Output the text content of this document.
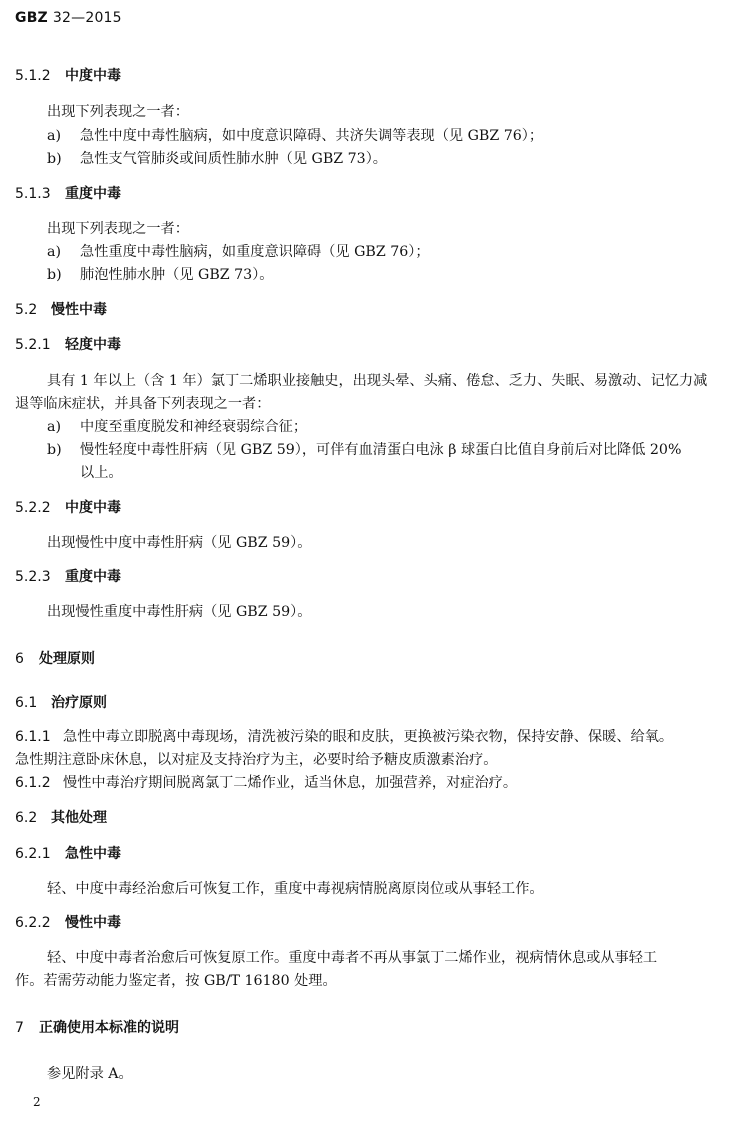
GBZ 32—2015
5.1.2 中度中毒
出现下列表现之一者：
a) 急性中度中毒性脑病，如中度意识障碍、共济失调等表现（见 GBZ 76）；
b) 急性支气管肺炎或间质性肺水肿（见 GBZ 73）。
5.1.3 重度中毒
出现下列表现之一者：
a) 急性重度中毒性脑病，如重度意识障碍（见 GBZ 76）；
b) 肺泡性肺水肿（见 GBZ 73）。
5.2 慢性中毒
5.2.1 轻度中毒
具有 1 年以上（含 1 年）氯丁二烯职业接触史，出现头晕、头痛、倦怠、乏力、失眠、易激动、记忆力减
退等临床症状，并具备下列表现之一者：
a) 中度至重度脱发和神经衰弱综合征；
b) 慢性轻度中毒性肝病（见 GBZ 59），可伴有血清蛋白电泳 β 球蛋白比值自身前后对比降低 20%
以上。
5.2.2 中度中毒
出现慢性中度中毒性肝病（见 GBZ 59）。
5.2.3 重度中毒
出现慢性重度中毒性肝病（见 GBZ 59）。
6 处理原则
6.1 治疗原则
6.1.1 急性中毒立即脱离中毒现场，清洗被污染的眼和皮肤，更换被污染衣物，保持安静、保暖、给氧。
急性期注意卧床休息，以对症及支持治疗为主，必要时给予糖皮质激素治疗。
6.1.2 慢性中毒治疗期间脱离氯丁二烯作业，适当休息，加强营养，对症治疗。
6.2 其他处理
6.2.1 急性中毒
轻、中度中毒经治愈后可恢复工作，重度中毒视病情脱离原岗位或从事轻工作。
6.2.2 慢性中毒
轻、中度中毒者治愈后可恢复原工作。重度中毒者不再从事氯丁二烯作业，视病情休息或从事轻工
作。若需劳动能力鉴定者，按 GB/T 16180 处理。
7 正确使用本标准的说明
参见附录 A。
2
